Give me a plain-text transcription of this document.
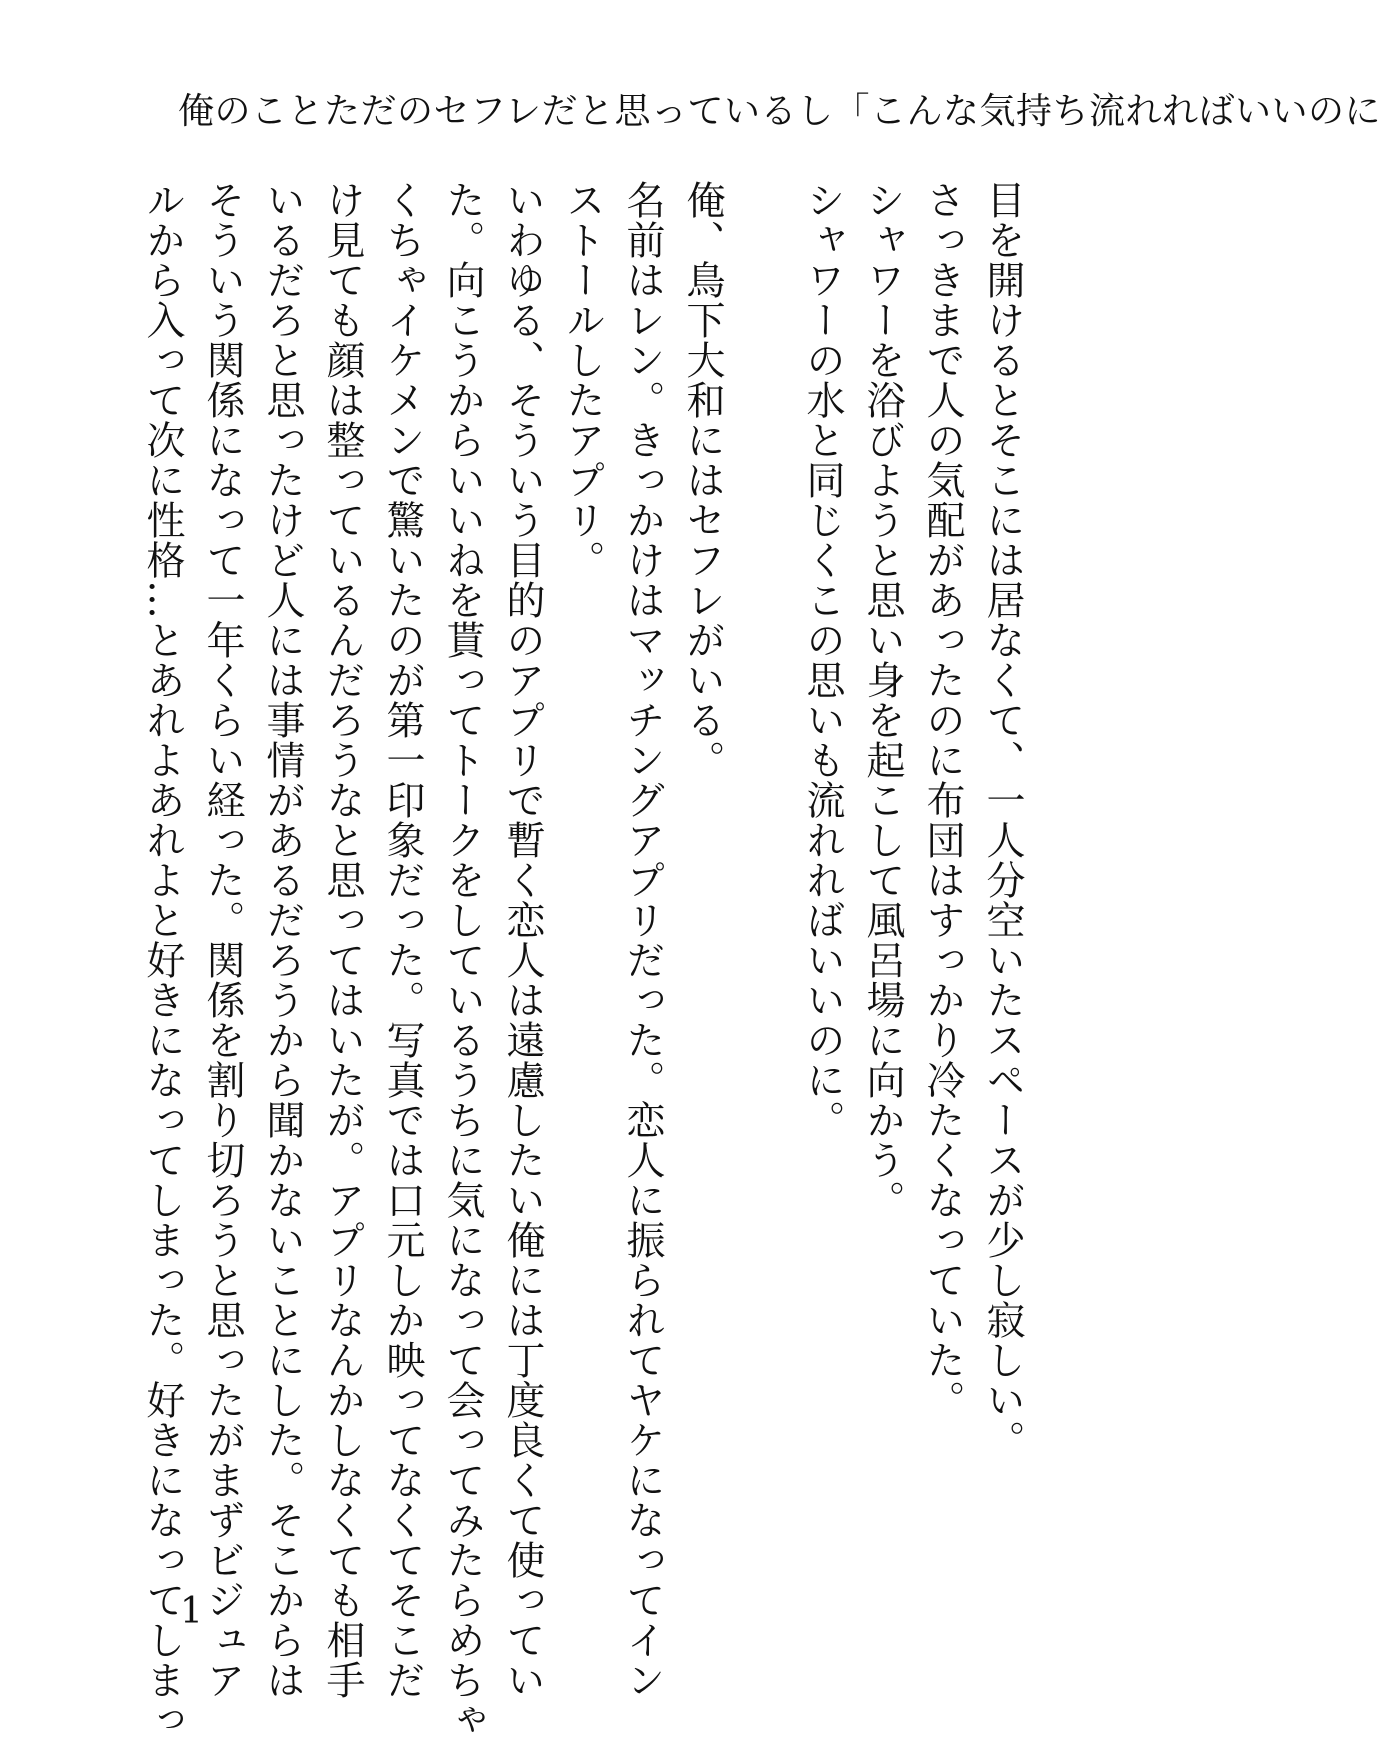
俺のことただのセフレだと思っているし「こんな気持ち流れればいいのに
目を開けるとそこには居なくて、一人分空いたスペースが少し寂しい。
さっきまで人の気配があったのに布団はすっかり冷たくなっていた。
シャワーを浴びようと思い身を起こして風呂場に向かう。
シャワーの水と同じくこの思いも流れればいいのに。
俺、鳥下大和にはセフレがいる。
名前はレン。きっかけはマッチングアプリだった。恋人に振られてヤケになってイン
ストールしたアプリ。
いわゆる、そういう目的のアプリで暫く恋人は遠慮したい俺には丁度良くて使ってい
た。向こうからいいねを貰ってトークをしているうちに気になって会ってみたらめちゃ
くちゃイケメンで驚いたのが第一印象だった。写真では口元しか映ってなくてそこだ
け見ても顔は整っているんだろうなと思ってはいたが。アプリなんかしなくても相手
いるだろと思ったけど人には事情があるだろうから聞かないことにした。そこからは
そういう関係になって一年くらい経った。関係を割り切ろうと思ったがまずビジュア
ルから入って次に性格…とあれよあれよと好きになってしまった。好きになってしまっ
1
